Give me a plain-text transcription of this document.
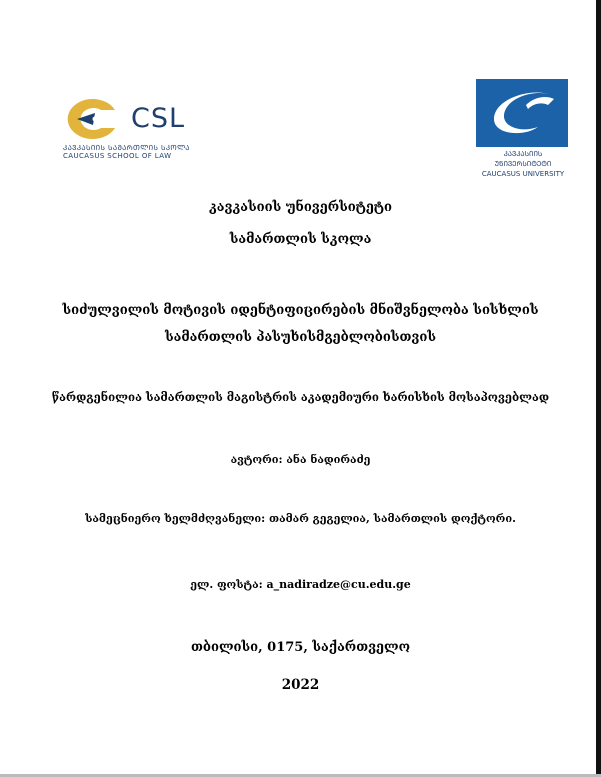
CSL
ᲙᲐᲕᲙᲐᲡᲘᲘᲡ ᲡᲐᲛᲐᲠᲗᲚᲘᲡ ᲡᲙᲝᲚᲐ
CAUCASUS SCHOOL OF LAW	ᲙᲐᲕᲙᲐᲡᲘᲘᲡ ᲣᲜᲘᲕᲔᲠᲡᲘᲢᲔᲢᲘ
CAUCASUS UNIVERSITY
კავკასიის უნივერსიტეტი
სამართლის სკოლა
სიძულვილის მოტივის იდენტიფიცირების მნიშვნელობა სისხლის
სამართლის პასუხისმგებლობისთვის
წარდგენილია სამართლის მაგისტრის აკადემიური ხარისხის მოსაპოვებლად
ავტორი: ანა ნადირაძე
სამეცნიერო ხელმძღვანელი: თამარ გეგელია, სამართლის დოქტორი.
ელ. ფოსტა: a_nadiradze@cu.edu.ge
თბილისი, 0175, საქართველო
2022
